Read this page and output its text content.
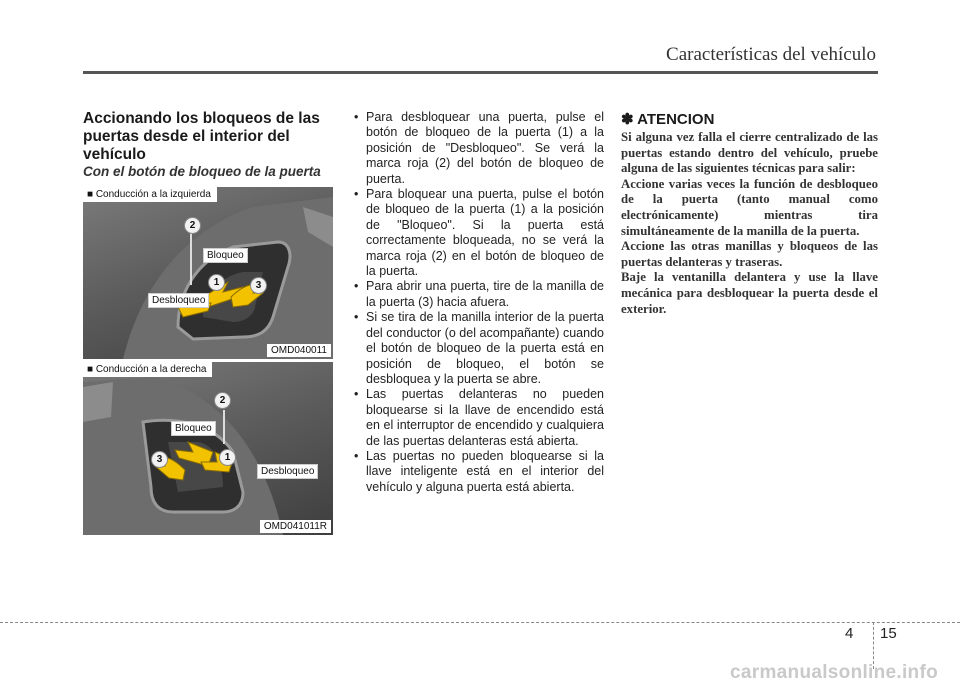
Características del vehículo
Accionando los bloqueos de las puertas desde el interior del vehículo
Con el botón de bloqueo de la puerta
■ Conducción a la izquierda
2
1	3
Bloqueo
Desbloqueo
OMD040011
■ Conducción a la derecha
2
1
3
Bloqueo
Desbloqueo
OMD041011R
• Para desbloquear una puerta, pulse el botón de bloqueo de la puerta (1) a la posición de "Desbloqueo". Se verá la marca roja (2) del botón de bloqueo de puerta.
• Para bloquear una puerta, pulse el botón de bloqueo de la puerta (1) a la posición de "Bloqueo". Si la puerta está correctamente bloqueada, no se verá la marca roja (2) en el botón de bloqueo de la puerta.
• Para abrir una puerta, tire de la manilla de la puerta (3) hacia afuera.
• Si se tira de la manilla interior de la puerta del conductor (o del acompañante) cuando el botón de bloqueo de la puerta está en posición de bloqueo, el botón se desbloquea y la puerta se abre.
• Las puertas delanteras no pueden bloquearse si la llave de encendido está en el interruptor de encendido y cualquiera de las puertas delanteras está abierta.
• Las puertas no pueden bloquearse si la llave inteligente está en el interior del vehículo y alguna puerta está abierta.
✽ ATENCION

Si alguna vez falla el cierre centralizado de las puertas estando dentro del vehículo, pruebe alguna de las siguientes técnicas para salir:

Accione varias veces la función de desbloqueo de la puerta (tanto manual como electrónicamente) mientras tira simultáneamente de la manilla de la puerta.

Accione las otras manillas y bloqueos de las puertas delanteras y traseras.

Baje la ventanilla delantera y use la llave mecánica para desbloquear la puerta desde el exterior.

4 15
carmanualsonline.info
